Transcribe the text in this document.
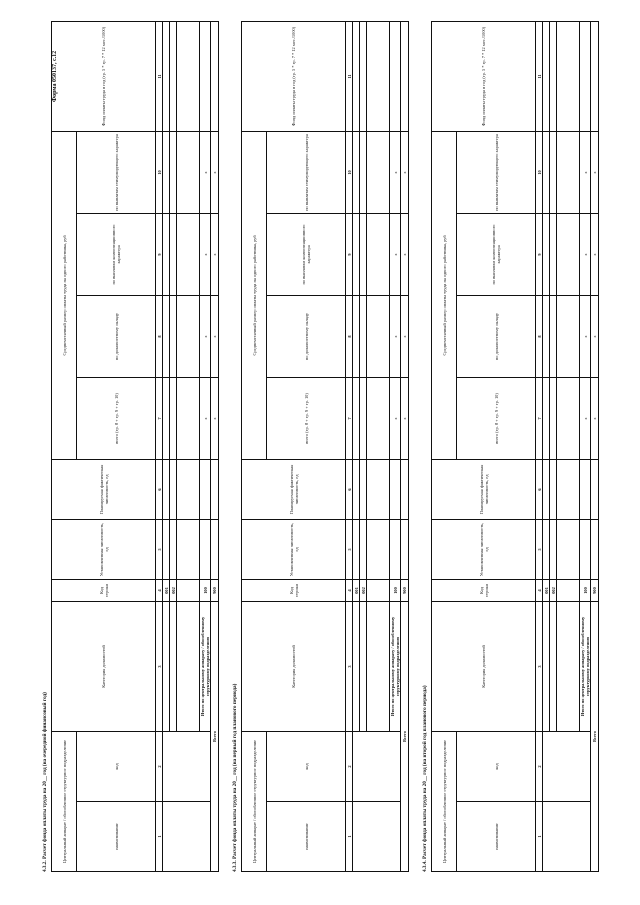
Форма 050137, с.12
4.3.2. Расчет фонда оплаты труда на 20__ год (на очередной финансовый год)	Центральный аппарат / обособленное структурное подразделение		Категория должностей	Код строки	Установленная численность, ед	Планируемая фактическая численность, ед	Среднемесячный размер оплаты труда на одного работника, руб				Фонд оплаты труда в год (гр. 5 * гр. 7 * 12 мес./1000)
наименование	код					всего (гр. 8 + гр. 9 + гр. 10)	по должностному окладу	по выплатам компенсационного характера	по выплатам стимулирующего характера	
1	2	3	4	5	6	7	8	9	10	11
			001							
			002							

		Итого по центральному аппарату / обособленному структурному подразделению	100			x	x	x	x	
Всего			900			x	x	x	x	
4.3.3. Расчет фонда оплаты труда на 20__ год (на первый год планового периода)	Центральный аппарат / обособленное структурное подразделение		Категория должностей	Код строки	Установленная численность, ед	Планируемая фактическая численность, ед	Среднемесячный размер оплаты труда на одного работника, руб				Фонд оплаты труда в год (гр. 5 * гр. 7 * 12 мес./1000)
наименование	код					всего (гр. 8 + гр. 9 + гр. 10)	по должностному окладу	по выплатам компенсационного характера	по выплатам стимулирующего характера	
1	2	3	4	5	6	7	8	9	10	11
			001							
			002							

		Итого по центральному аппарату / обособленному структурному подразделению	100			x	x	x	x	
Всего			900			x	x	x	x	
4.3.4. Расчет фонда оплаты труда на 20__ год (на второй год планового периода)	Центральный аппарат / обособленное структурное подразделение		Категория должностей	Код строки	Установленная численность, ед	Планируемая фактическая численность, ед	Среднемесячный размер оплаты труда на одного работника, руб				Фонд оплаты труда в год (гр. 5 * гр. 7 * 12 мес./1000)
наименование	код					всего (гр. 8 + гр. 9 + гр. 10)	по должностному окладу	по выплатам компенсационного характера	по выплатам стимулирующего характера	
1	2	3	4	5	6	7	8	9	10	11
			001							
			002							

		Итого по центральному аппарату / обособленному структурному подразделению	100			x	x	x	x	
Всего			900			x	x	x	x	
